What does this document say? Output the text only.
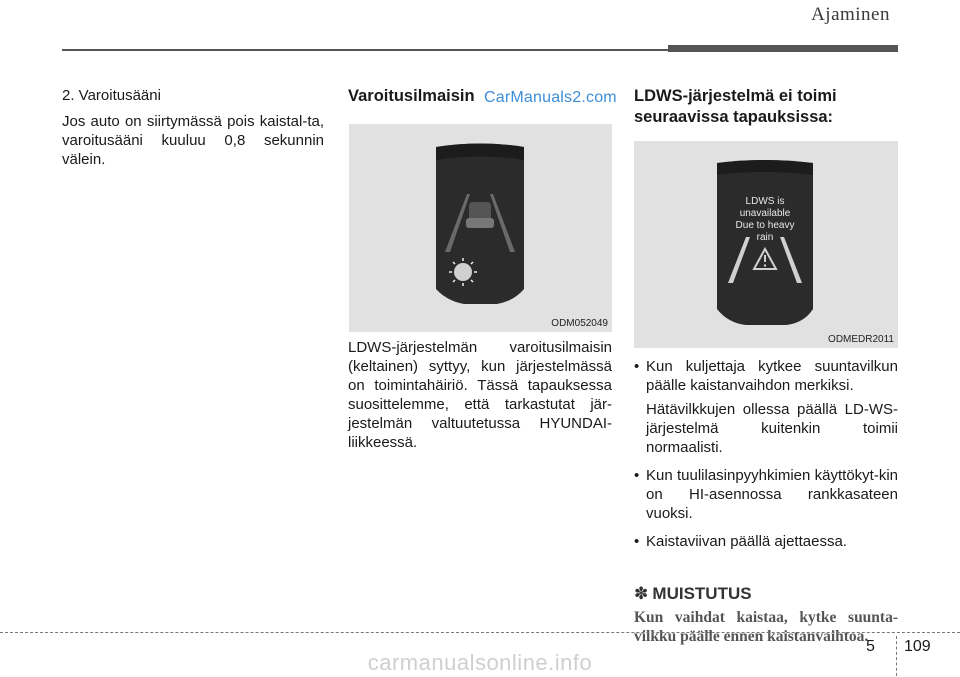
Ajaminen

2. Varoitusääni

Jos auto on siirtymässä pois kaistal-ta, varoitusääni kuuluu 0,8 sekunnin välein.

Varoitusilmaisin CarManuals2.com
ODM052049

LDWS-järjestelmän varoitusilmaisin (keltainen) syttyy, kun järjestelmässä on toimintahäiriö. Tässä tapauksessa suosittelemme, että tarkastutat jär-jestelmän valtuutetussa HYUNDAI-liikkeessä.

LDWS-järjestelmä ei toimi

seuraavissa tapauksissa:

LDWS is
unavailable
Due to heavy rain
ODMEDR2011
• Kun kuljettaja kytkee suuntavilkun päälle kaistanvaihdon merkiksi.
Hätävilkkujen ollessa päällä LD-WS-järjestelmä kuitenkin toimii normaalisti.
• Kun tuulilasinpyyhkimien käyttökyt-kin on HI-asennossa rankkasateen vuoksi.
• Kaistaviivan päällä ajettaessa.
✽ MUISTUTUS
Kun vaihdat kaistaa, kytke suunta-vilkku päälle ennen kaistanvaihtoa.
5 109
carmanualsonline.info
